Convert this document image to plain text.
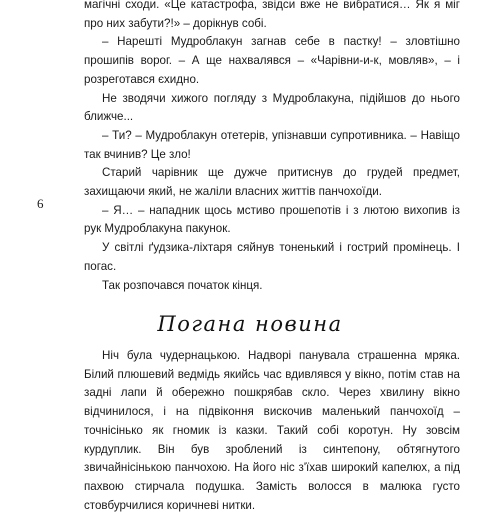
магічні сходи. «Це катастрофа, звідси вже не вибратися… Як я міг про них забути?!» – дорікнув собі.

– Нарешті Мудроблакун загнав себе в пастку! – зловтішно прошипів ворог. – А ще нахвалявся – «Чарівни-и-к, мовляв», – і розреготався єхидно.

Не зводячи хижого погляду з Мудроблакуна, підійшов до нього ближче...

– Ти? – Мудроблакун отетерів, упізнавши супротивника. – Навіщо так вчинив? Це зло!

Старий чарівник ще дужче притиснув до грудей предмет, захищаючи який, не жаліли власних життів панчохоїди.

– Я… – нападник щось мстиво прошепотів і з лютою вихопив із рук Мудроблакуна пакунок.

У світлі ґудзика-ліхтаря сяйнув тоненький і гострий промінець. І погас.

Так розпочався початок кінця.

6
Погана новина

Ніч була чудернацькою. Надворі панувала страшенна мряка. Білий плюшевий ведмідь якийсь час вдивлявся у вікно, потім став на задні лапи й обережно пошкрябав скло. Через хвилину вікно відчинилося, і на підвіконня вискочив маленький панчохоїд – точнісінько як гномик із казки. Такий собі коротун. Ну зовсім курдуплик. Він був зроблений із синтепону, обтягнутого звичайнісінькою панчохою. На його ніс з'їхав широкий капелюх, а під пахвою стирчала подушка. Замість волосся в малюка густо стовбурчилися коричневі нитки.
